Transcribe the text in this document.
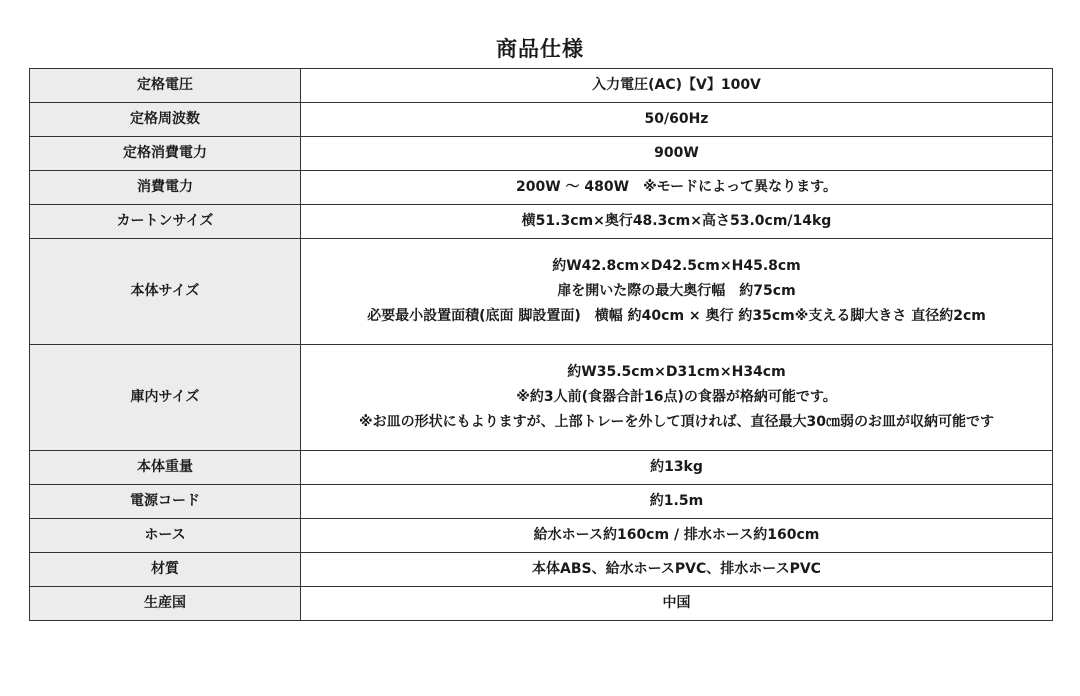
商品仕様
定格電圧	入力電圧(AC)【V】100V

定格周波数	50/60Hz

定格消費電力	900W

消費電力	200W ～ 480W　※モードによって異なります。

カートンサイズ	横51.3cm×奥行48.3cm×高さ53.0cm/14kg

本体サイズ	約W42.8cm×D42.5cm×H45.8cm
扉を開いた際の最大奥行幅　約75cm
必要最小設置面積(底面 脚設置面)　横幅 約40cm × 奥行 約35cm※支える脚大きさ 直径約2cm

庫内サイズ	約W35.5cm×D31cm×H34cm
※約3人前(食器合計16点)の食器が格納可能です。
※お皿の形状にもよりますが、上部トレーを外して頂ければ、直径最大30㎝弱のお皿が収納可能です

本体重量	約13kg

電源コード	約1.5m

ホース	給水ホース約160cm / 排水ホース約160cm

材質	本体ABS、給水ホースPVC、排水ホースPVC

生産国	中国
